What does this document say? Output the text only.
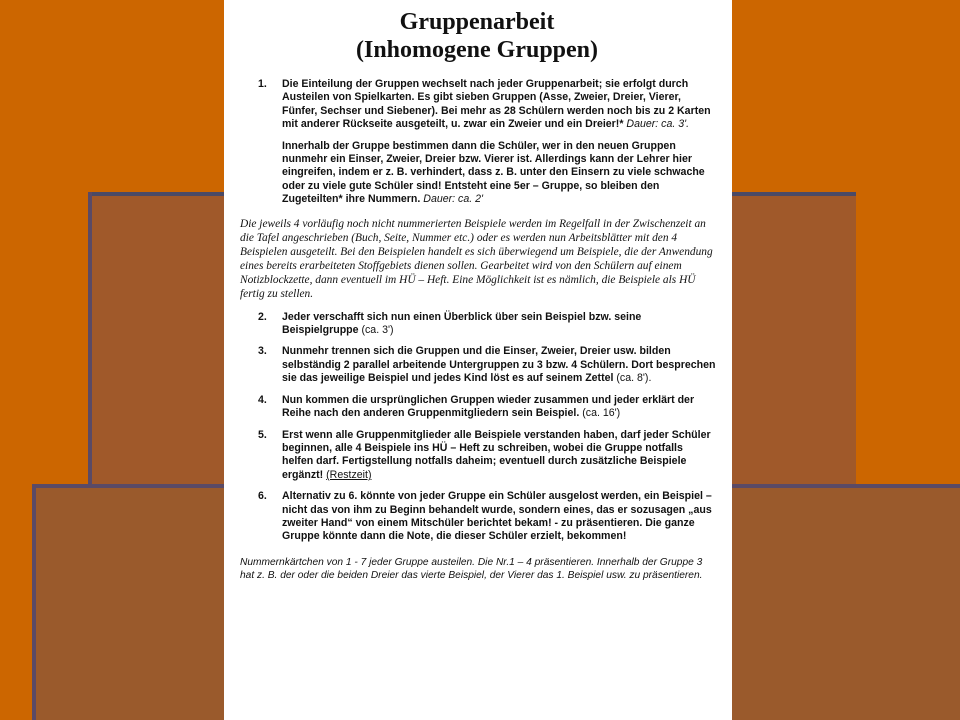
Gruppenarbeit
(Inhomogene Gruppen)
1.	Die Einteilung der Gruppen wechselt nach jeder Gruppenarbeit; sie erfolgt durch Austeilen von Spielkarten. Es gibt sieben Gruppen (Asse, Zweier, Dreier, Vierer, Fünfer, Sechser und Siebener). Bei mehr as 28 Schülern werden noch bis zu 2 Karten mit anderer Rückseite ausgeteilt, u. zwar ein Zweier und ein Dreier!* Dauer: ca. 3'.
Innerhalb der Gruppe bestimmen dann die Schüler, wer in den neuen Gruppen nunmehr ein Einser, Zweier, Dreier bzw. Vierer ist. Allerdings kann der Lehrer hier eingreifen, indem er z. B. verhindert, dass z. B. unter den Einsern zu viele schwache oder zu viele gute Schüler sind! Entsteht eine 5er – Gruppe, so bleiben den Zugeteilten* ihre Nummern. Dauer: ca. 2'
Die jeweils 4 vorläufig noch nicht nummerierten Beispiele werden im Regelfall in der Zwischenzeit an die Tafel angeschrieben (Buch, Seite, Nummer etc.) oder es werden nun Arbeitsblätter mit den 4 Beispielen ausgeteilt. Bei den Beispielen handelt es sich überwiegend um Beispiele, die der Anwendung eines bereits erarbeiteten Stoffgebiets dienen sollen. Gearbeitet wird von den Schülern auf einem Notizblockzette, dann eventuell im HÜ – Heft. Eine Möglichkeit ist es nämlich, die Beispiele als HÜ fertig zu stellen.
2.	Jeder verschafft sich nun einen Überblick über sein Beispiel bzw. seine Beispielgruppe (ca. 3')
3.	Nunmehr trennen sich die Gruppen und die Einser, Zweier, Dreier usw. bilden selbständig 2 parallel arbeitende Untergruppen zu 3 bzw. 4 Schülern. Dort besprechen sie das jeweilige Beispiel und jedes Kind löst es auf seinem Zettel (ca. 8').
4.	Nun kommen die ursprünglichen Gruppen wieder zusammen und jeder erklärt der Reihe nach den anderen Gruppenmitgliedern sein Beispiel. (ca. 16')
5.	Erst wenn alle Gruppenmitglieder alle Beispiele verstanden haben, darf jeder Schüler beginnen, alle 4 Beispiele ins HÜ – Heft zu schreiben, wobei die Gruppe notfalls helfen darf. Fertigstellung notfalls daheim; eventuell durch zusätzliche Beispiele ergänzt! (Restzeit)
6.	Alternativ zu 6. könnte von jeder Gruppe ein Schüler ausgelost werden, ein Beispiel – nicht das von ihm zu Beginn behandelt wurde, sondern eines, das er sozusagen „aus zweiter Hand“ von einem Mitschüler berichtet bekam! - zu präsentieren. Die ganze Gruppe könnte dann die Note, die dieser Schüler erzielt, bekommen!
Nummernkärtchen von 1 - 7 jeder Gruppe austeilen. Die Nr.1 – 4 präsentieren. Innerhalb der Gruppe 3 hat z. B. der oder die beiden Dreier das vierte Beispiel, der Vierer das 1. Beispiel usw. zu präsentieren.
